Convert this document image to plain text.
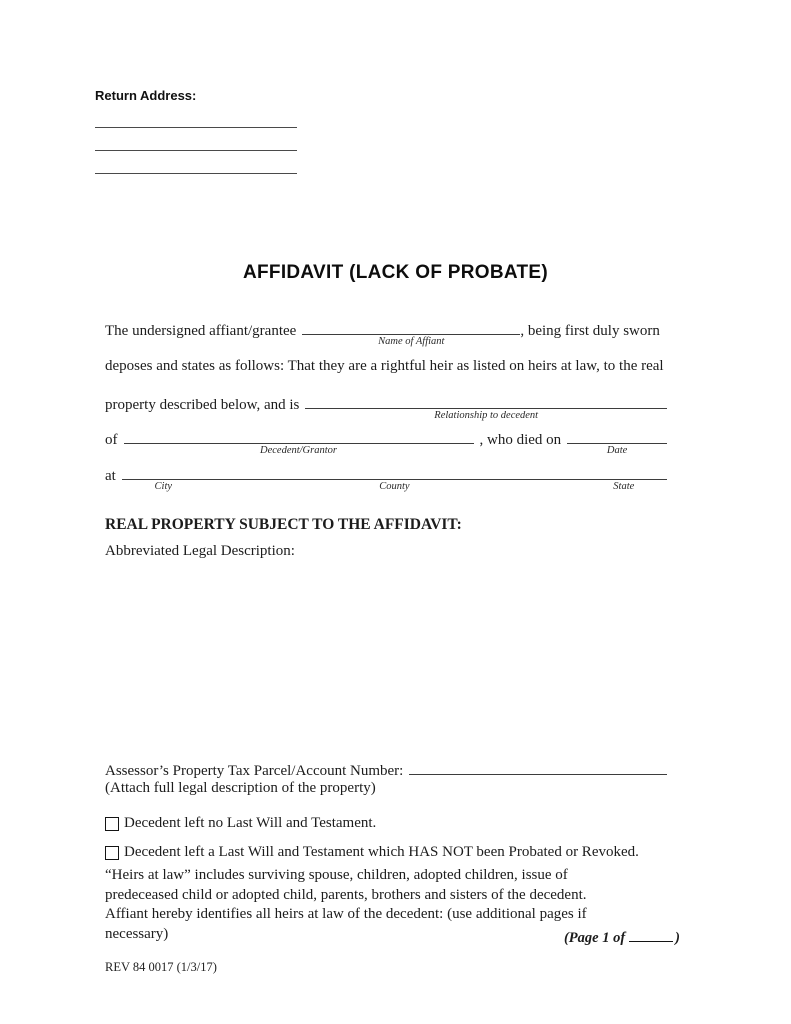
Return Address:
AFFIDAVIT (LACK OF PROBATE)
The undersigned affiant/grantee
Name of Affiant
, being first duly sworn
deposes and states as follows: That they are a rightful heir as listed on heirs at law, to the real
property described below, and is
Relationship to decedent
of
Decedent/Grantor
, who died on
Date
at
City	County	State
REAL PROPERTY SUBJECT TO THE AFFIDAVIT:
Abbreviated Legal Description:
Assessor’s Property Tax Parcel/Account Number:
(Attach full legal description of the property)
Decedent left no Last Will and Testament.
Decedent left a Last Will and Testament which HAS NOT been Probated or Revoked.
“Heirs at law” includes surviving spouse, children, adopted children, issue of predeceased child or adopted child, parents, brothers and sisters of the decedent. Affiant hereby identifies all heirs at law of the decedent: (use additional pages if necessary)	(Page 1 of	)
REV 84 0017 (1/3/17)
